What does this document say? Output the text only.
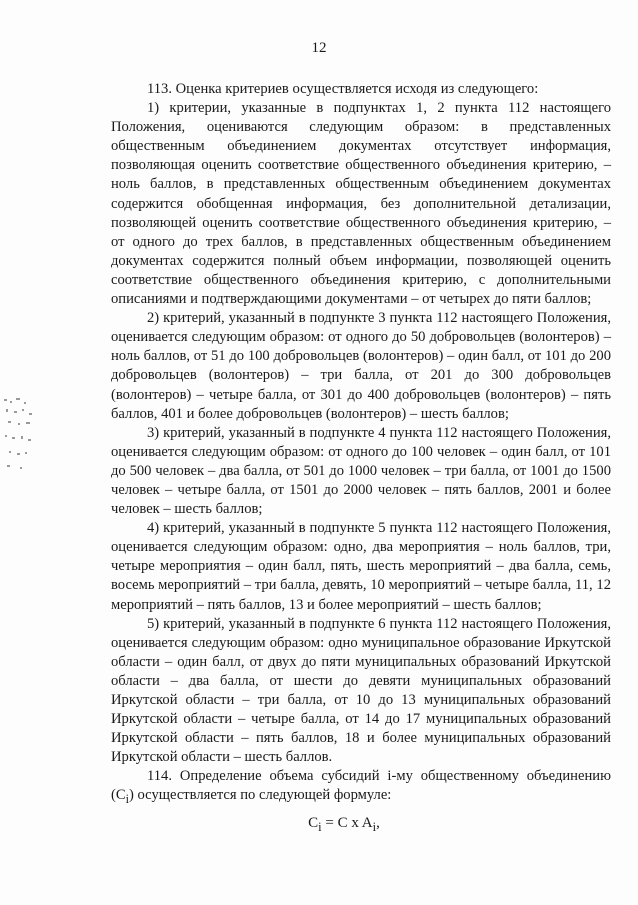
12

113. Оценка критериев осуществляется исходя из следующего:

1) критерии, указанные в подпунктах 1, 2 пункта 112 настоящего Положения, оцениваются следующим образом: в представленных общественным объединением документах отсутствует информация, позволяющая оценить соответствие общественного объединения критерию, – ноль баллов, в представленных общественным объединением документах содержится обобщенная информация, без дополнительной детализации, позволяющей оценить соответствие общественного объединения критерию, – от одного до трех баллов, в представленных общественным объединением документах содержится полный объем информации, позволяющей оценить соответствие общественного объединения критерию, с дополнительными описаниями и подтверждающими документами – от четырех до пяти баллов;

2) критерий, указанный в подпункте 3 пункта 112 настоящего Положения, оценивается следующим образом: от одного до 50 добровольцев (волонтеров) – ноль баллов, от 51 до 100 добровольцев (волонтеров) – один балл, от 101 до 200 добровольцев (волонтеров) – три балла, от 201 до 300 добровольцев (волонтеров) – четыре балла, от 301 до 400 добровольцев (волонтеров) – пять баллов, 401 и более добровольцев (волонтеров) – шесть баллов;

3) критерий, указанный в подпункте 4 пункта 112 настоящего Положения, оценивается следующим образом: от одного до 100 человек – один балл, от 101 до 500 человек – два балла, от 501 до 1000 человек – три балла, от 1001 до 1500 человек – четыре балла, от 1501 до 2000 человек – пять баллов, 2001 и более человек – шесть баллов;

4) критерий, указанный в подпункте 5 пункта 112 настоящего Положения, оценивается следующим образом: одно, два мероприятия – ноль баллов, три, четыре мероприятия – один балл, пять, шесть мероприятий – два балла, семь, восемь мероприятий – три балла, девять, 10 мероприятий – четыре балла, 11, 12 мероприятий – пять баллов, 13 и более мероприятий – шесть баллов;

5) критерий, указанный в подпункте 6 пункта 112 настоящего Положения, оценивается следующим образом: одно муниципальное образование Иркутской области – один балл, от двух до пяти муниципальных образований Иркутской области – два балла, от шести до девяти муниципальных образований Иркутской области – три балла, от 10 до 13 муниципальных образований Иркутской области – четыре балла, от 14 до 17 муниципальных образований Иркутской области – пять баллов, 18 и более муниципальных образований Иркутской области – шесть баллов.

114. Определение объема субсидий i-му общественному объединению $(C_i)$ осуществляется по следующей формуле:

$C_i = C$ x $A_i$,
